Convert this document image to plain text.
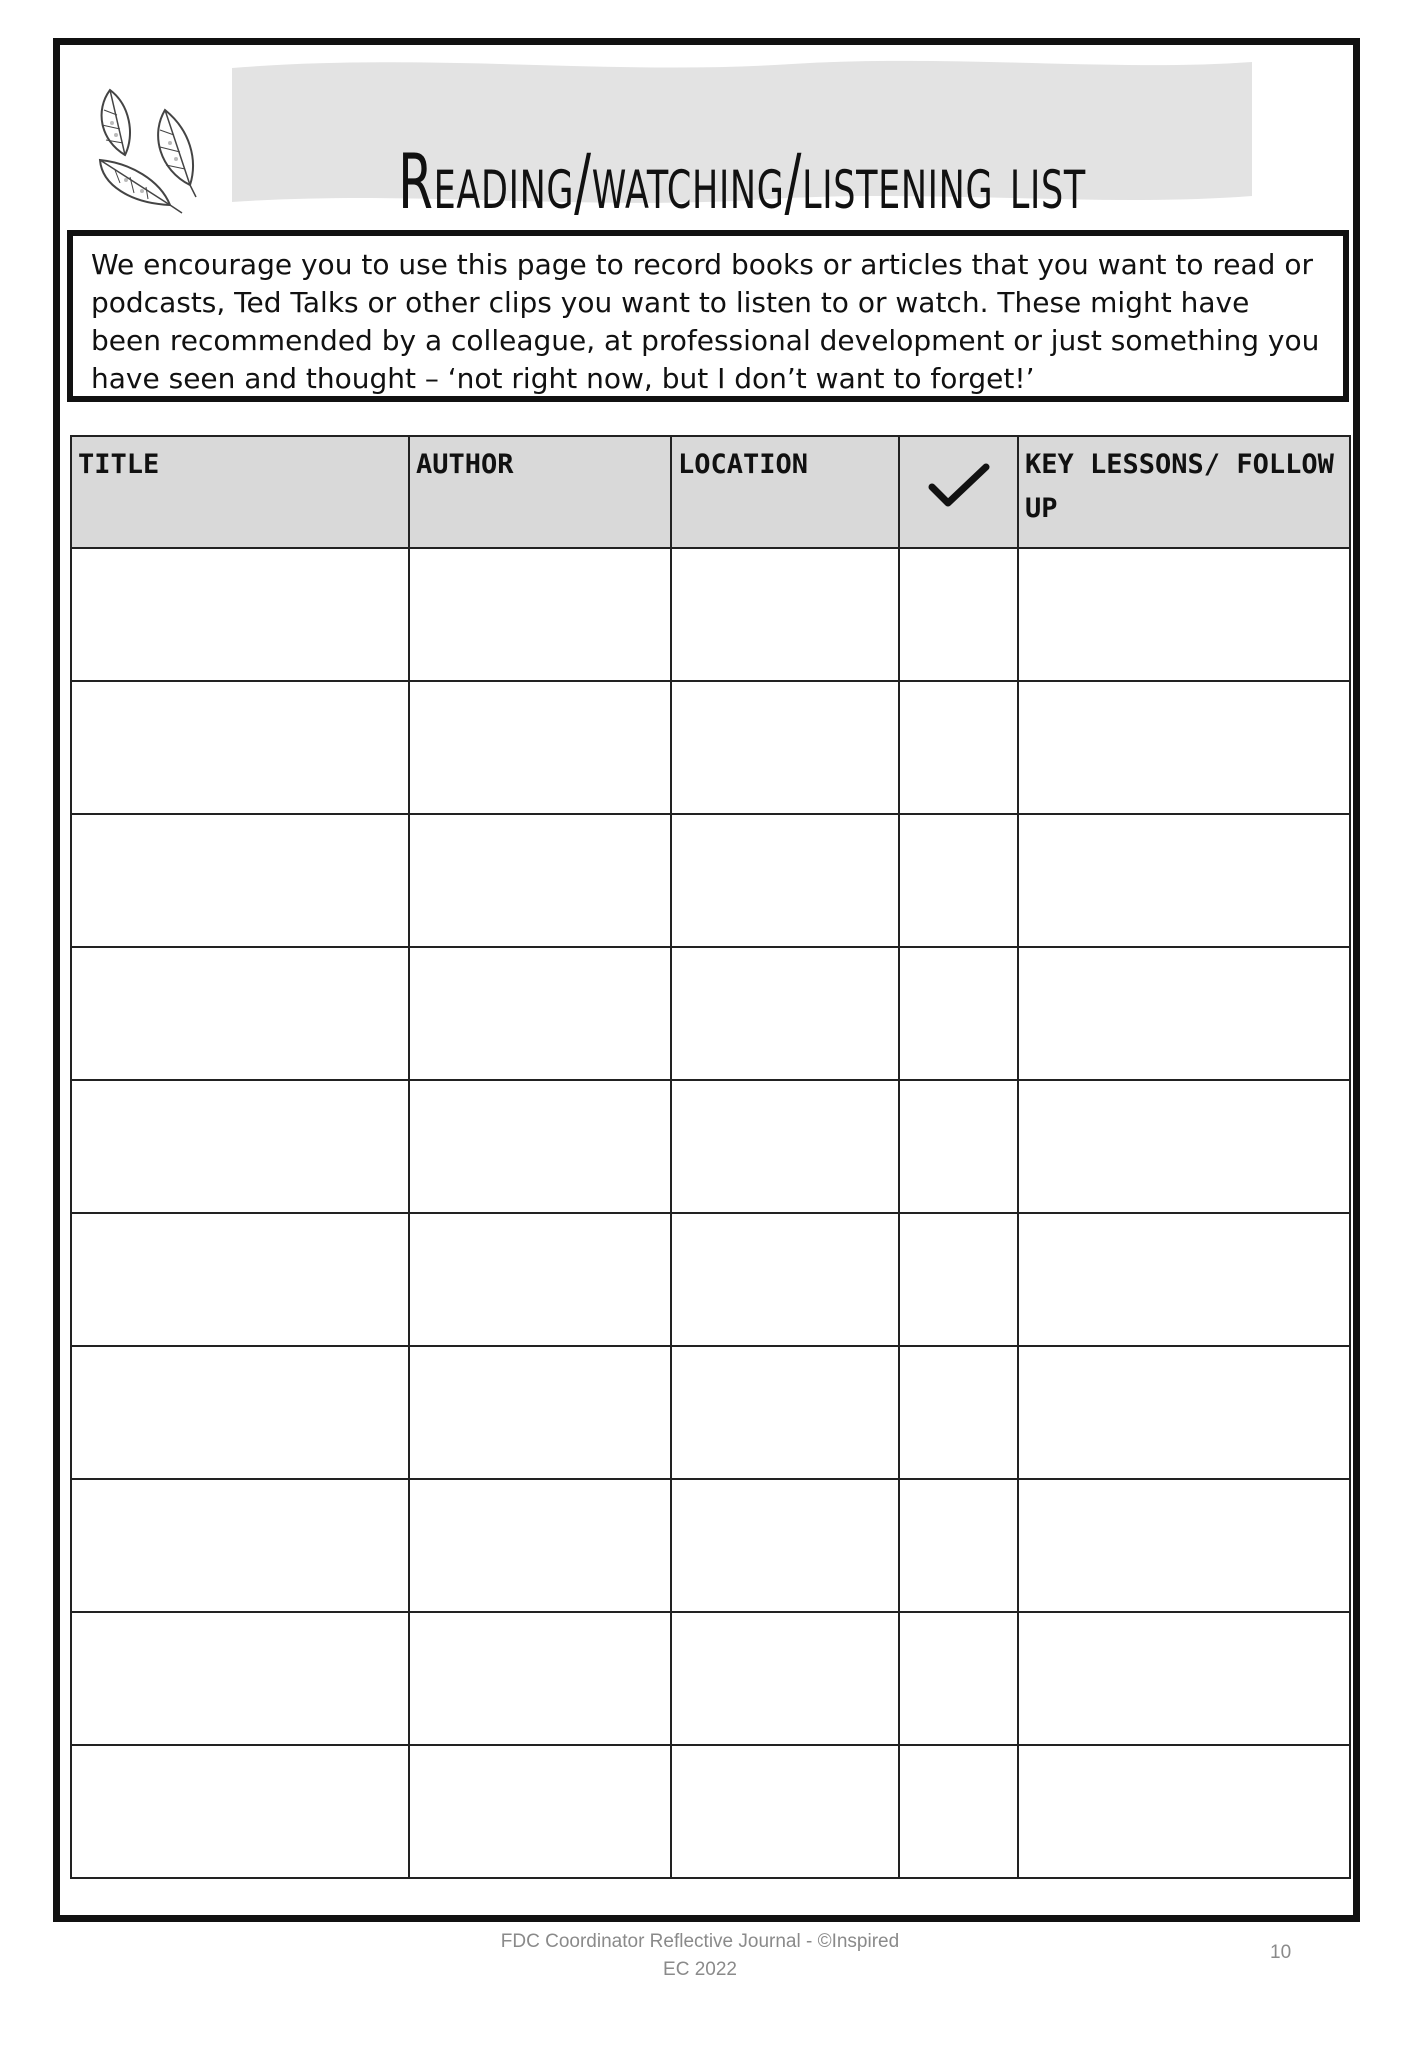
Reading/watching/listening list

We encourage you to use this page to record books or articles that you want to read or podcasts, Ted Talks or other clips you want to listen to or watch. These might have been recommended by a colleague, at professional development or just something you have seen and thought – ‘not right now, but I don’t want to forget!’

TITLE	AUTHOR	LOCATION		KEY LESSONS/ FOLLOW UP

FDC Coordinator Reflective Journal - ©Inspired
EC 2022
10
